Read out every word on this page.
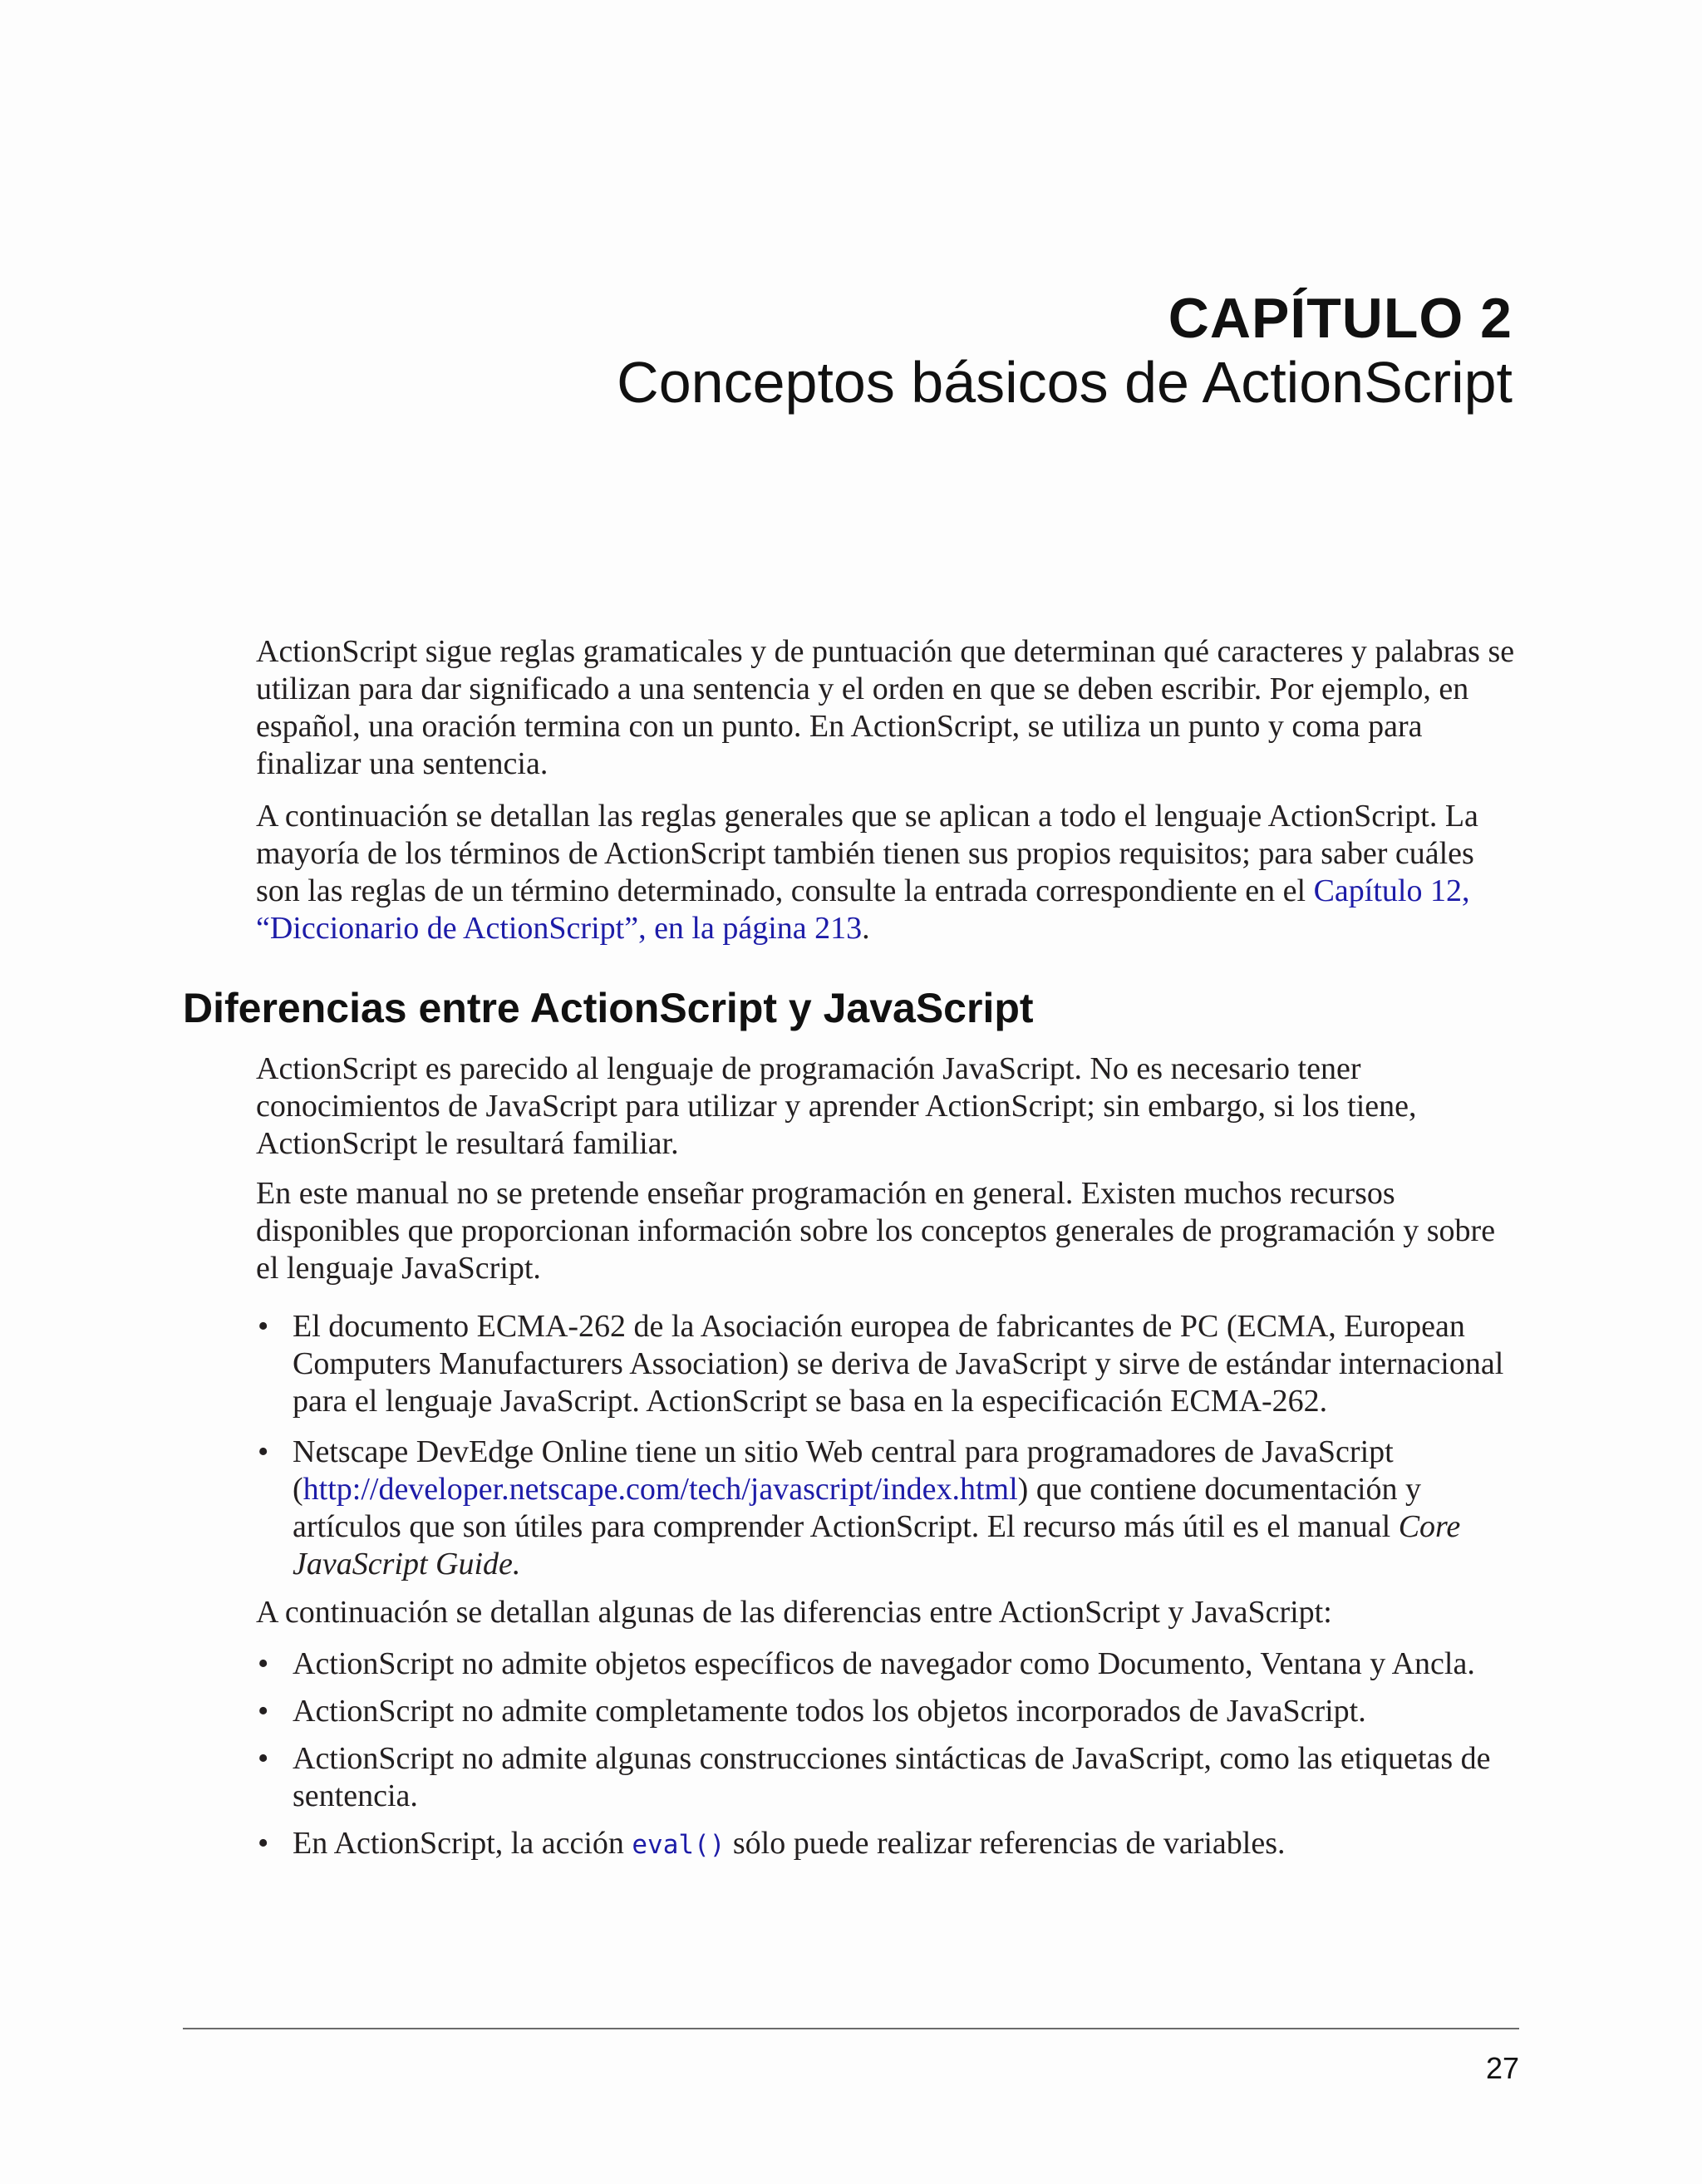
CAPÍTULO 2
Conceptos básicos de ActionScript

ActionScript sigue reglas gramaticales y de puntuación que determinan qué caracteres y palabras se utilizan para dar significado a una sentencia y el orden en que se deben escribir. Por ejemplo, en español, una oración termina con un punto. En ActionScript, se utiliza un punto y coma para finalizar una sentencia.

A continuación se detallan las reglas generales que se aplican a todo el lenguaje ActionScript. La mayoría de los términos de ActionScript también tienen sus propios requisitos; para saber cuáles son las reglas de un término determinado, consulte la entrada correspondiente en el Capítulo 12, “Diccionario de ActionScript”, en la página 213.

Diferencias entre ActionScript y JavaScript

ActionScript es parecido al lenguaje de programación JavaScript. No es necesario tener conocimientos de JavaScript para utilizar y aprender ActionScript; sin embargo, si los tiene, ActionScript le resultará familiar.

En este manual no se pretende enseñar programación en general. Existen muchos recursos disponibles que proporcionan información sobre los conceptos generales de programación y sobre el lenguaje JavaScript.

• El documento ECMA-262 de la Asociación europea de fabricantes de PC (ECMA, European Computers Manufacturers Association) se deriva de JavaScript y sirve de estándar internacional para el lenguaje JavaScript. ActionScript se basa en la especificación ECMA-262.
• Netscape DevEdge Online tiene un sitio Web central para programadores de JavaScript (http://developer.netscape.com/tech/javascript/index.html) que contiene documentación y artículos que son útiles para comprender ActionScript. El recurso más útil es el manual Core JavaScript Guide.

A continuación se detallan algunas de las diferencias entre ActionScript y JavaScript:

• ActionScript no admite objetos específicos de navegador como Documento, Ventana y Ancla.
• ActionScript no admite completamente todos los objetos incorporados de JavaScript.
• ActionScript no admite algunas construcciones sintácticas de JavaScript, como las etiquetas de sentencia.
• En ActionScript, la acción eval() sólo puede realizar referencias de variables.
27
